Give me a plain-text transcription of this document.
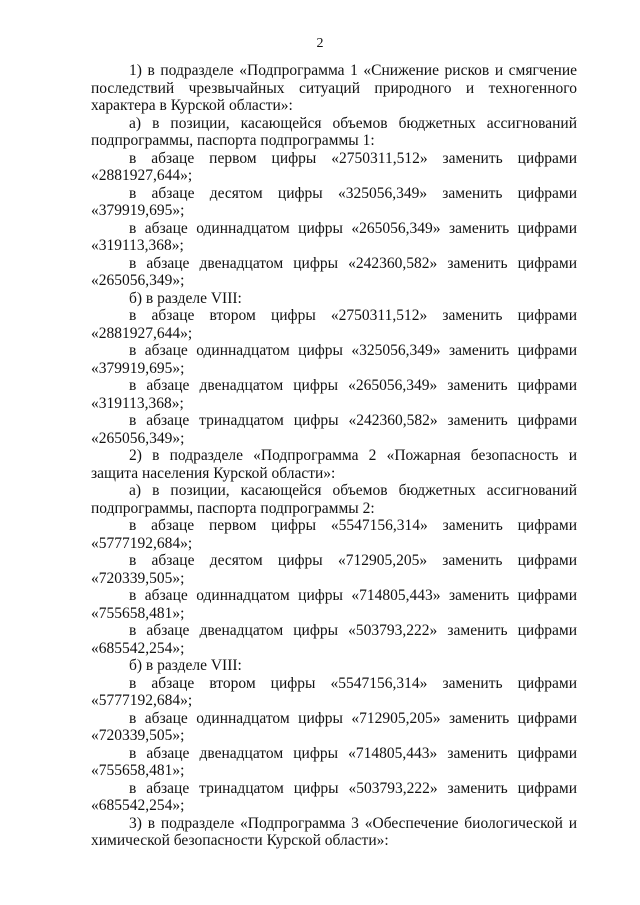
2

1) в подразделе «Подпрограмма 1 «Снижение рисков и смягчение последствий чрезвычайных ситуаций природного и техногенного характера в Курской области»:

а) в позиции, касающейся объемов бюджетных ассигнований подпрограммы, паспорта подпрограммы 1:

в абзаце первом цифры «2750311,512» заменить цифрами «2881927,644»;

в абзаце десятом цифры «325056,349» заменить цифрами «379919,695»;

в абзаце одиннадцатом цифры «265056,349» заменить цифрами «319113,368»;

в абзаце двенадцатом цифры «242360,582» заменить цифрами «265056,349»;

б) в разделе VIII:

в абзаце втором цифры «2750311,512» заменить цифрами «2881927,644»;

в абзаце одиннадцатом цифры «325056,349» заменить цифрами «379919,695»;

в абзаце двенадцатом цифры «265056,349» заменить цифрами «319113,368»;

в абзаце тринадцатом цифры «242360,582» заменить цифрами «265056,349»;

2) в подразделе «Подпрограмма 2 «Пожарная безопасность и защита населения Курской области»:

а) в позиции, касающейся объемов бюджетных ассигнований подпрограммы, паспорта подпрограммы 2:

в абзаце первом цифры «5547156,314» заменить цифрами «5777192,684»;

в абзаце десятом цифры «712905,205» заменить цифрами «720339,505»;

в абзаце одиннадцатом цифры «714805,443» заменить цифрами «755658,481»;

в абзаце двенадцатом цифры «503793,222» заменить цифрами «685542,254»;

б) в разделе VIII:

в абзаце втором цифры «5547156,314» заменить цифрами «5777192,684»;

в абзаце одиннадцатом цифры «712905,205» заменить цифрами «720339,505»;

в абзаце двенадцатом цифры «714805,443» заменить цифрами «755658,481»;

в абзаце тринадцатом цифры «503793,222» заменить цифрами «685542,254»;

3) в подразделе «Подпрограмма 3 «Обеспечение биологической и химической безопасности Курской области»:
